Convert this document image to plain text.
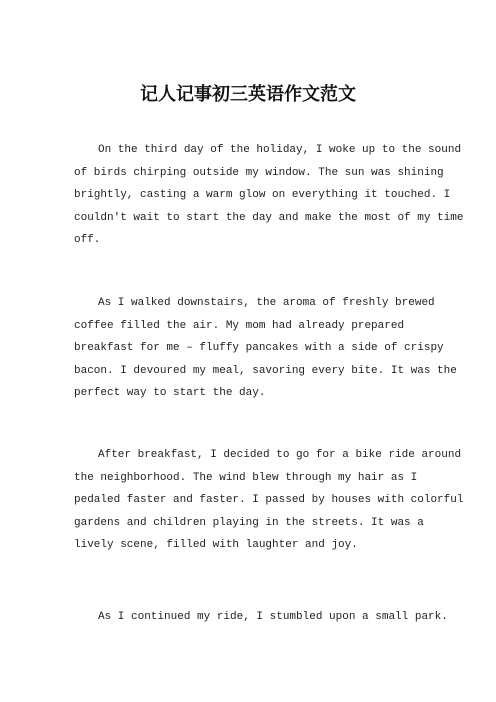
记人记事初三英语作文范文

On the third day of the holiday, I woke up to the sound
of birds chirping outside my window. The sun was shining
brightly, casting a warm glow on everything it touched. I
couldn't wait to start the day and make the most of my time
off.

As I walked downstairs, the aroma of freshly brewed
coffee filled the air. My mom had already prepared
breakfast for me – fluffy pancakes with a side of crispy
bacon. I devoured my meal, savoring every bite. It was the
perfect way to start the day.

After breakfast, I decided to go for a bike ride around
the neighborhood. The wind blew through my hair as I
pedaled faster and faster. I passed by houses with colorful
gardens and children playing in the streets. It was a
lively scene, filled with laughter and joy.

As I continued my ride, I stumbled upon a small park.
